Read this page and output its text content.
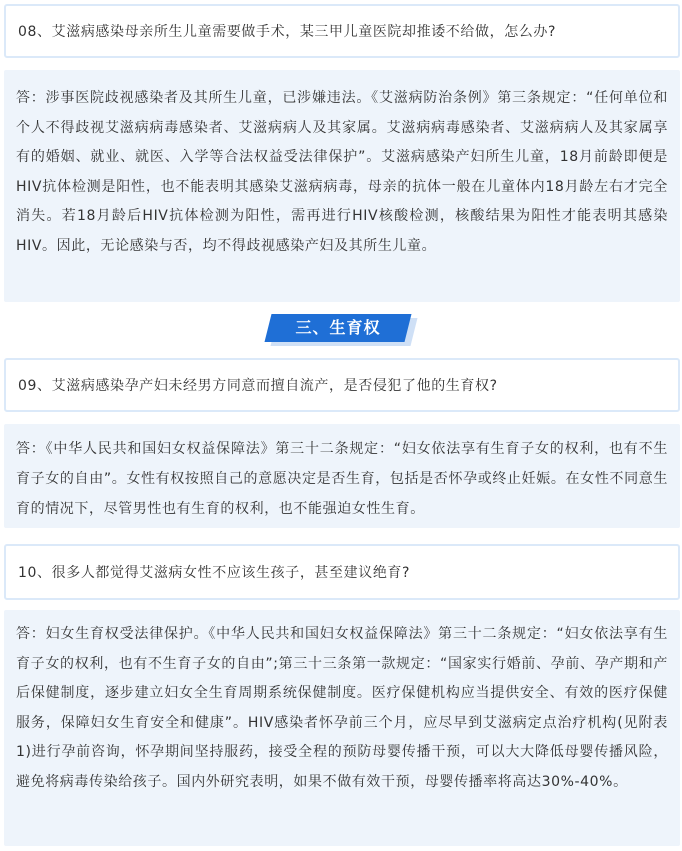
08、艾滋病感染母亲所生儿童需要做手术，某三甲儿童医院却推诿不给做，怎么办?
答：涉事医院歧视感染者及其所生儿童，已涉嫌违法。《艾滋病防治条例》第三条规定：“任何单位和个人不得歧视艾滋病病毒感染者、艾滋病病人及其家属。艾滋病病毒感染者、艾滋病病人及其家属享有的婚姻、就业、就医、入学等合法权益受法律保护”。艾滋病感染产妇所生儿童，18月前龄即便是HIV抗体检测是阳性，也不能表明其感染艾滋病病毒，母亲的抗体一般在儿童体内18月龄左右才完全消失。若18月龄后HIV抗体检测为阳性，需再进行HIV核酸检测，核酸结果为阳性才能表明其感染HIV。因此，无论感染与否，均不得歧视感染产妇及其所生儿童。
三、生育权
09、艾滋病感染孕产妇未经男方同意而擅自流产，是否侵犯了他的生育权?
答：《中华人民共和国妇女权益保障法》第三十二条规定：“妇女依法享有生育子女的权利，也有不生育子女的自由”。女性有权按照自己的意愿决定是否生育，包括是否怀孕或终止妊娠。在女性不同意生育的情况下，尽管男性也有生育的权利，也不能强迫女性生育。
10、很多人都觉得艾滋病女性不应该生孩子，甚至建议绝育?
答：妇女生育权受法律保护。《中华人民共和国妇女权益保障法》第三十二条规定：“妇女依法享有生育子女的权利，也有不生育子女的自由”;第三十三条第一款规定：“国家实行婚前、孕前、孕产期和产后保健制度，逐步建立妇女全生育周期系统保健制度。医疗保健机构应当提供安全、有效的医疗保健服务，保障妇女生育安全和健康”。HIV感染者怀孕前三个月，应尽早到艾滋病定点治疗机构(见附表1)进行孕前咨询，怀孕期间坚持服药，接受全程的预防母婴传播干预，可以大大降低母婴传播风险，避免将病毒传染给孩子。国内外研究表明，如果不做有效干预，母婴传播率将高达30%-40%。
